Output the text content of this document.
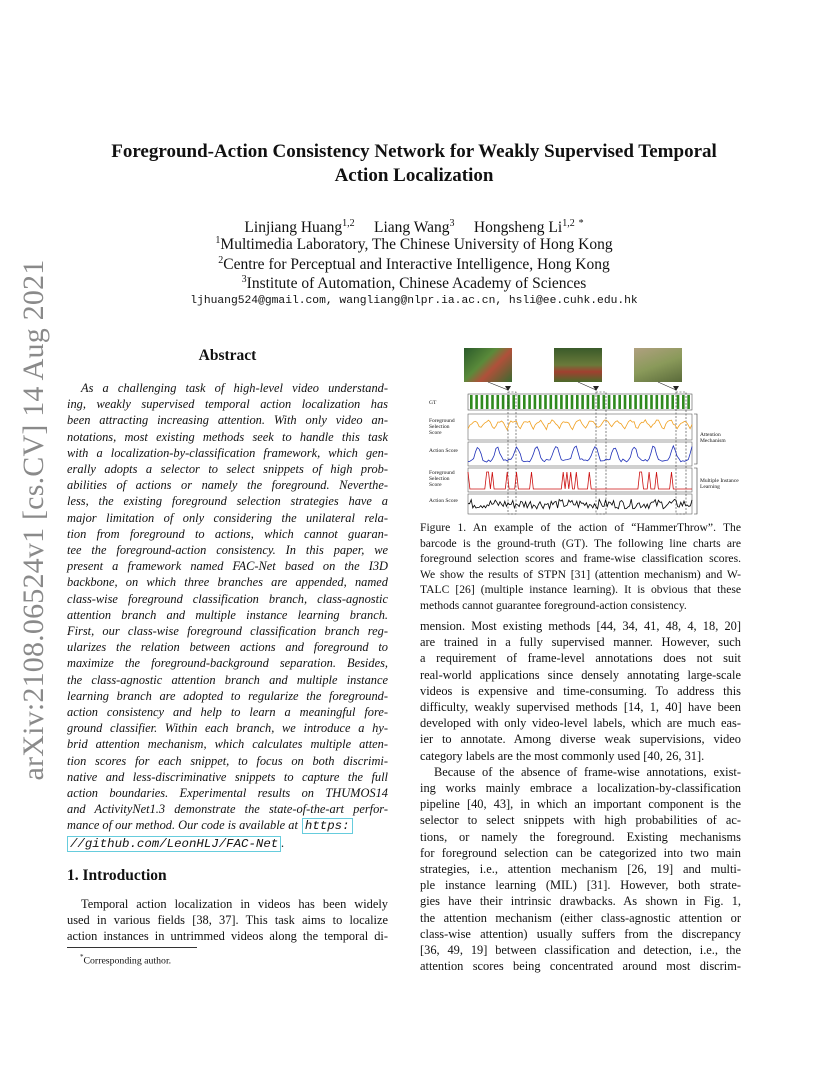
arXiv:2108.06524v1 [cs.CV] 14 Aug 2021
Foreground-Action Consistency Network for Weakly Supervised Temporal
Action Localization
Linjiang Huang$^{1,2}$ Liang Wang$^3$ Hongsheng Li$^{1,2}$ *
$^1$Multimedia Laboratory, The Chinese University of Hong Kong
$^2$Centre for Perceptual and Interactive Intelligence, Hong Kong
$^3$Institute of Automation, Chinese Academy of Sciences
ljhuang524@gmail.com, wangliang@nlpr.ia.ac.cn, hsli@ee.cuhk.edu.hk
Abstract
As a challenging task of high-level video understand-
ing, weakly supervised temporal action localization has
been attracting increasing attention. With only video an-
notations, most existing methods seek to handle this task
with a localization-by-classification framework, which gen-
erally adopts a selector to select snippets of high prob-
abilities of actions or namely the foreground. Neverthe-
less, the existing foreground selection strategies have a
major limitation of only considering the unilateral rela-
tion from foreground to actions, which cannot guaran-
tee the foreground-action consistency. In this paper, we
present a framework named FAC-Net based on the I3D
backbone, on which three branches are appended, named
class-wise foreground classification branch, class-agnostic
attention branch and multiple instance learning branch.
First, our class-wise foreground classification branch reg-
ularizes the relation between actions and foreground to
maximize the foreground-background separation. Besides,
the class-agnostic attention branch and multiple instance
learning branch are adopted to regularize the foreground-
action consistency and help to learn a meaningful fore-
ground classifier. Within each branch, we introduce a hy-
brid attention mechanism, which calculates multiple atten-
tion scores for each snippet, to focus on both discrimi-
native and less-discriminative snippets to capture the full
action boundaries. Experimental results on THUMOS14
and ActivityNet1.3 demonstrate the state-of-the-art perfor-
mance of our method. Our code is available at https:
//github.com/LeonHLJ/FAC-Net .
1. Introduction
Temporal action localization in videos has been widely
used in various fields [38, 37]. This task aims to localize
action instances in untrimmed videos along the temporal di-
*Corresponding author.
GT
Foreground Selection Score
Action Score
Foreground Selection Score
Action Score
Attention Mechanism
Multiple Instance Learning
Figure 1. An example of the action of “HammerThrow”. The
barcode is the ground-truth (GT). The following line charts are
foreground selection scores and frame-wise classification scores.
We show the results of STPN [31] (attention mechanism) and W-
TALC [26] (multiple instance learning). It is obvious that these
methods cannot guarantee foreground-action consistency.
mension. Most existing methods [44, 34, 41, 48, 4, 18, 20]
are trained in a fully supervised manner. However, such
a requirement of frame-level annotations does not suit
real-world applications since densely annotating large-scale
videos is expensive and time-consuming. To address this
difficulty, weakly supervised methods [14, 1, 40] have been
developed with only video-level labels, which are much eas-
ier to annotate. Among diverse weak supervisions, video
category labels are the most commonly used [40, 26, 31].
Because of the absence of frame-wise annotations, exist-
ing works mainly embrace a localization-by-classification
pipeline [40, 43], in which an important component is the
selector to select snippets with high probabilities of ac-
tions, or namely the foreground. Existing mechanisms
for foreground selection can be categorized into two main
strategies, i.e., attention mechanism [26, 19] and multi-
ple instance learning (MIL) [31]. However, both strate-
gies have their intrinsic drawbacks. As shown in Fig. 1,
the attention mechanism (either class-agnostic attention or
class-wise attention) usually suffers from the discrepancy
[36, 49, 19] between classification and detection, i.e., the
attention scores being concentrated around most discrim-
